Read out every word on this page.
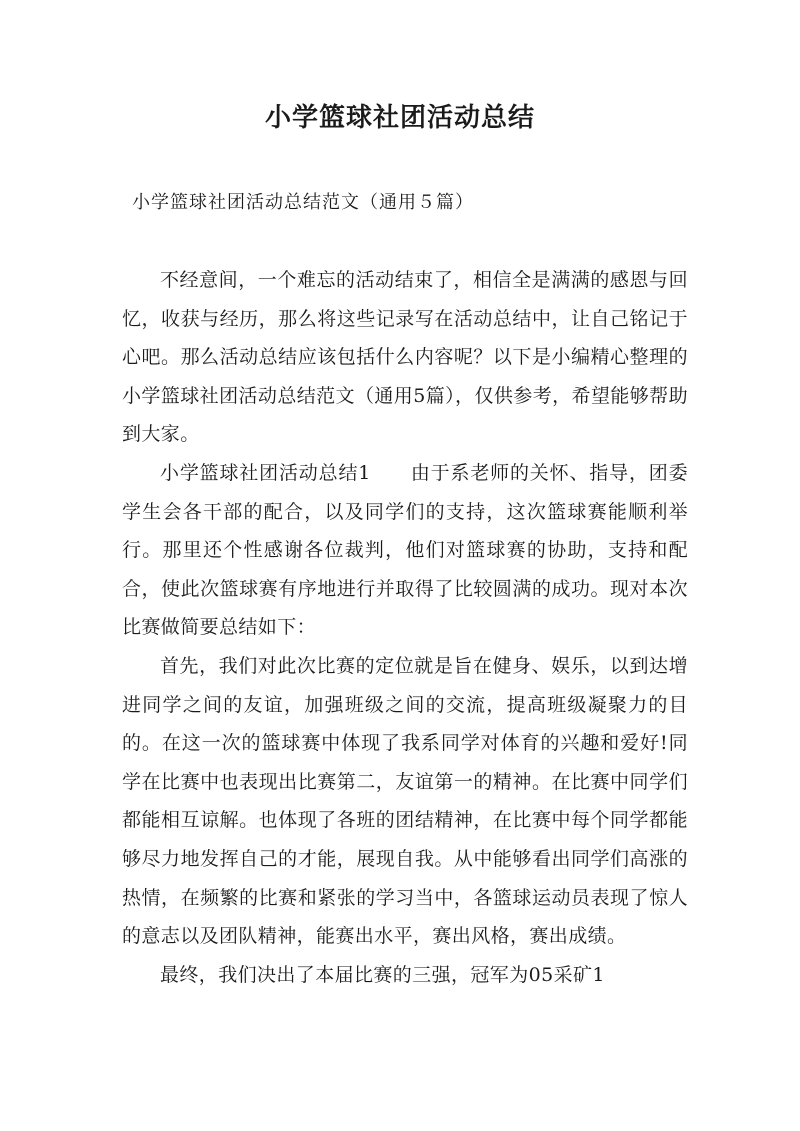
小学篮球社团活动总结

小学篮球社团活动总结范文（通用５篇）

不经意间，一个难忘的活动结束了，相信全是满满的感恩与回忆，收获与经历，那么将这些记录写在活动总结中，让自己铭记于心吧。那么活动总结应该包括什么内容呢？以下是小编精心整理的 小学篮球社团活动总结范文（通用5篇），仅供参考，希望能够帮助到大家。

小学篮球社团活动总结1　　由于系老师的关怀、指导，团委学生会各干部的配合，以及同学们的支持，这次篮球赛能顺利举行。那里还个性感谢各位裁判，他们对篮球赛的协助，支持和配合，使此次篮球赛有序地进行并取得了比较圆满的成功。现对本次比赛做简要总结如下：

首先，我们对此次比赛的定位就是旨在健身、娱乐，以到达增进同学之间的友谊，加强班级之间的交流，提高班级凝聚力的目的。在这一次的篮球赛中体现了我系同学对体育的兴趣和爱好!同学在比赛中也表现出比赛第二，友谊第一的精神。在比赛中同学们都能相互谅解。也体现了各班的团结精神，在比赛中每个同学都能够尽力地发挥自己的才能，展现自我。从中能够看出同学们高涨的热情，在频繁的比赛和紧张的学习当中，各篮球运动员表现了惊人的意志以及团队精神，能赛出水平，赛出风格，赛出成绩。

最终，我们决出了本届比赛的三强，冠军为05采矿1
